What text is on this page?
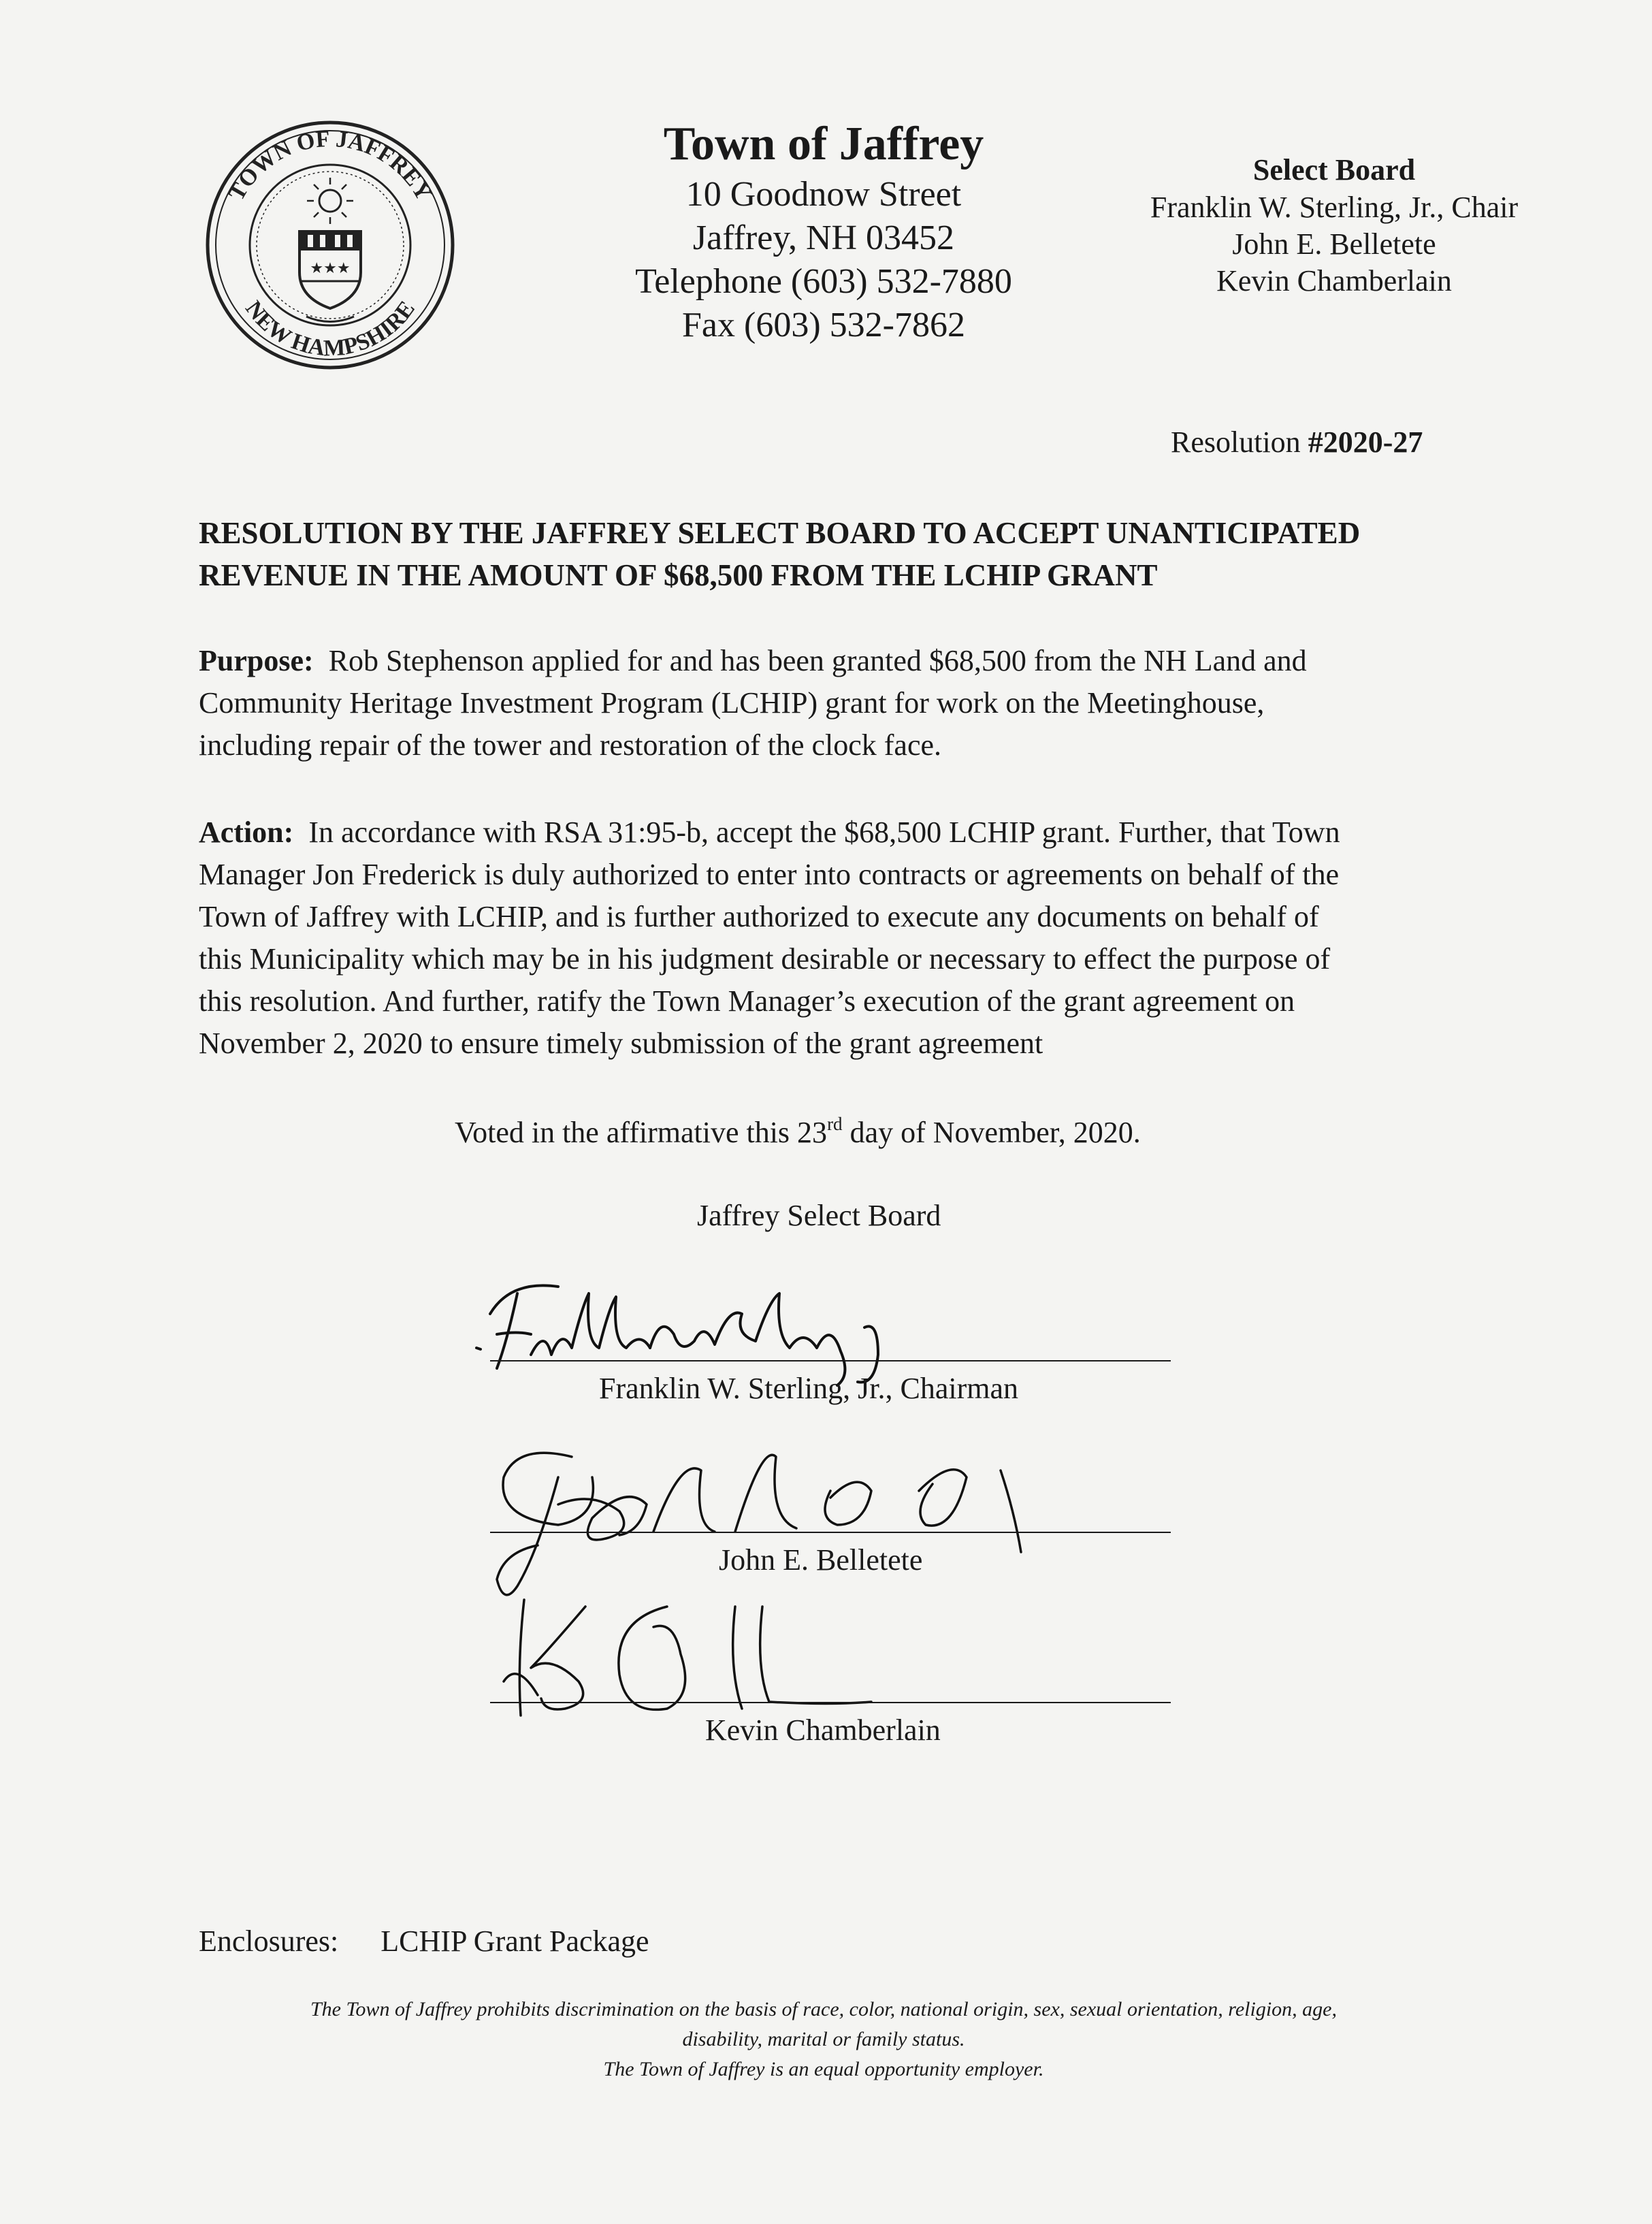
TOWN OF JAFFREY
NEW HAMPSHIRE
★★★
Town of Jaffrey
10 Goodnow Street
Jaffrey, NH 03452
Telephone (603) 532-7880
Fax (603) 532-7862
Select Board
Franklin W. Sterling, Jr., Chair
John E. Belletete
Kevin Chamberlain
Resolution #2020-27
RESOLUTION BY THE JAFFREY SELECT BOARD TO ACCEPT UNANTICIPATED
REVENUE IN THE AMOUNT OF $68,500 FROM THE LCHIP GRANT
Purpose: Rob Stephenson applied for and has been granted $68,500 from the NH Land and
Community Heritage Investment Program (LCHIP) grant for work on the Meetinghouse,
including repair of the tower and restoration of the clock face.
Action: In accordance with RSA 31:95-b, accept the $68,500 LCHIP grant. Further, that Town
Manager Jon Frederick is duly authorized to enter into contracts or agreements on behalf of the
Town of Jaffrey with LCHIP, and is further authorized to execute any documents on behalf of
this Municipality which may be in his judgment desirable or necessary to effect the purpose of
this resolution. And further, ratify the Town Manager’s execution of the grant agreement on
November 2, 2020 to ensure timely submission of the grant agreement
Voted in the affirmative this 23rd day of November, 2020.
Jaffrey Select Board
Franklin W. Sterling, Jr., Chairman
John E. Belletete
Kevin Chamberlain
Enclosures: LCHIP Grant Package
The Town of Jaffrey prohibits discrimination on the basis of race, color, national origin, sex, sexual orientation, religion, age,
disability, marital or family status.
The Town of Jaffrey is an equal opportunity employer.
